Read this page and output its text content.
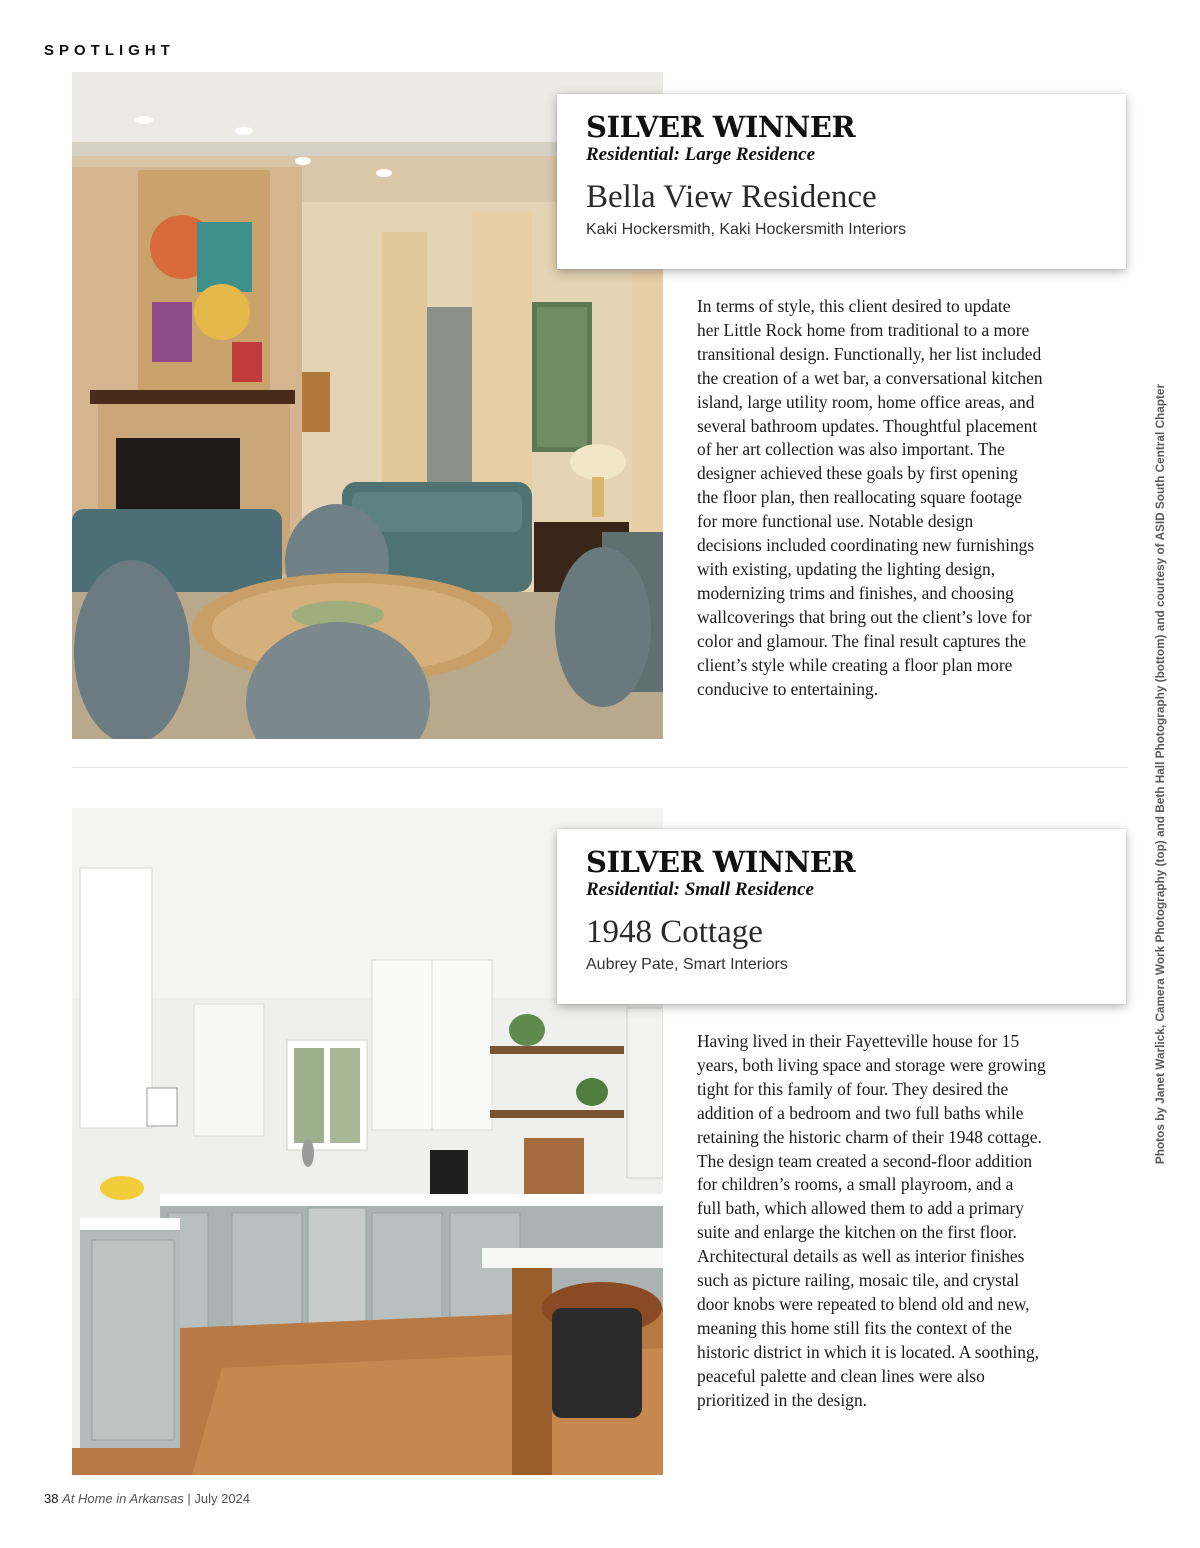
SPOTLIGHT
SILVER WINNER
Residential: Large Residence
Bella View Residence
Kaki Hockersmith, Kaki Hockersmith Interiors
In terms of style, this client desired to update
her Little Rock home from traditional to a more
transitional design. Functionally, her list included
the creation of a wet bar, a conversational kitchen
island, large utility room, home office areas, and
several bathroom updates. Thoughtful placement
of her art collection was also important. The
designer achieved these goals by first opening
the floor plan, then reallocating square footage
for more functional use. Notable design
decisions included coordinating new furnishings
with existing, updating the lighting design,
modernizing trims and finishes, and choosing
wallcoverings that bring out the client’s love for
color and glamour. The final result captures the
client’s style while creating a floor plan more
conducive to entertaining.
SILVER WINNER
Residential: Small Residence
1948 Cottage
Aubrey Pate, Smart Interiors
Having lived in their Fayetteville house for 15
years, both living space and storage were growing
tight for this family of four. They desired the
addition of a bedroom and two full baths while
retaining the historic charm of their 1948 cottage.
The design team created a second-floor addition
for children’s rooms, a small playroom, and a
full bath, which allowed them to add a primary
suite and enlarge the kitchen on the first floor.
Architectural details as well as interior finishes
such as picture railing, mosaic tile, and crystal
door knobs were repeated to blend old and new,
meaning this home still fits the context of the
historic district in which it is located. A soothing,
peaceful palette and clean lines were also
prioritized in the design.
Photos by Janet Warlick, Camera Work Photography (top) and Beth Hall Photography (bottom) and courtesy of ASID South Central Chapter
38 At Home in Arkansas | July 2024
